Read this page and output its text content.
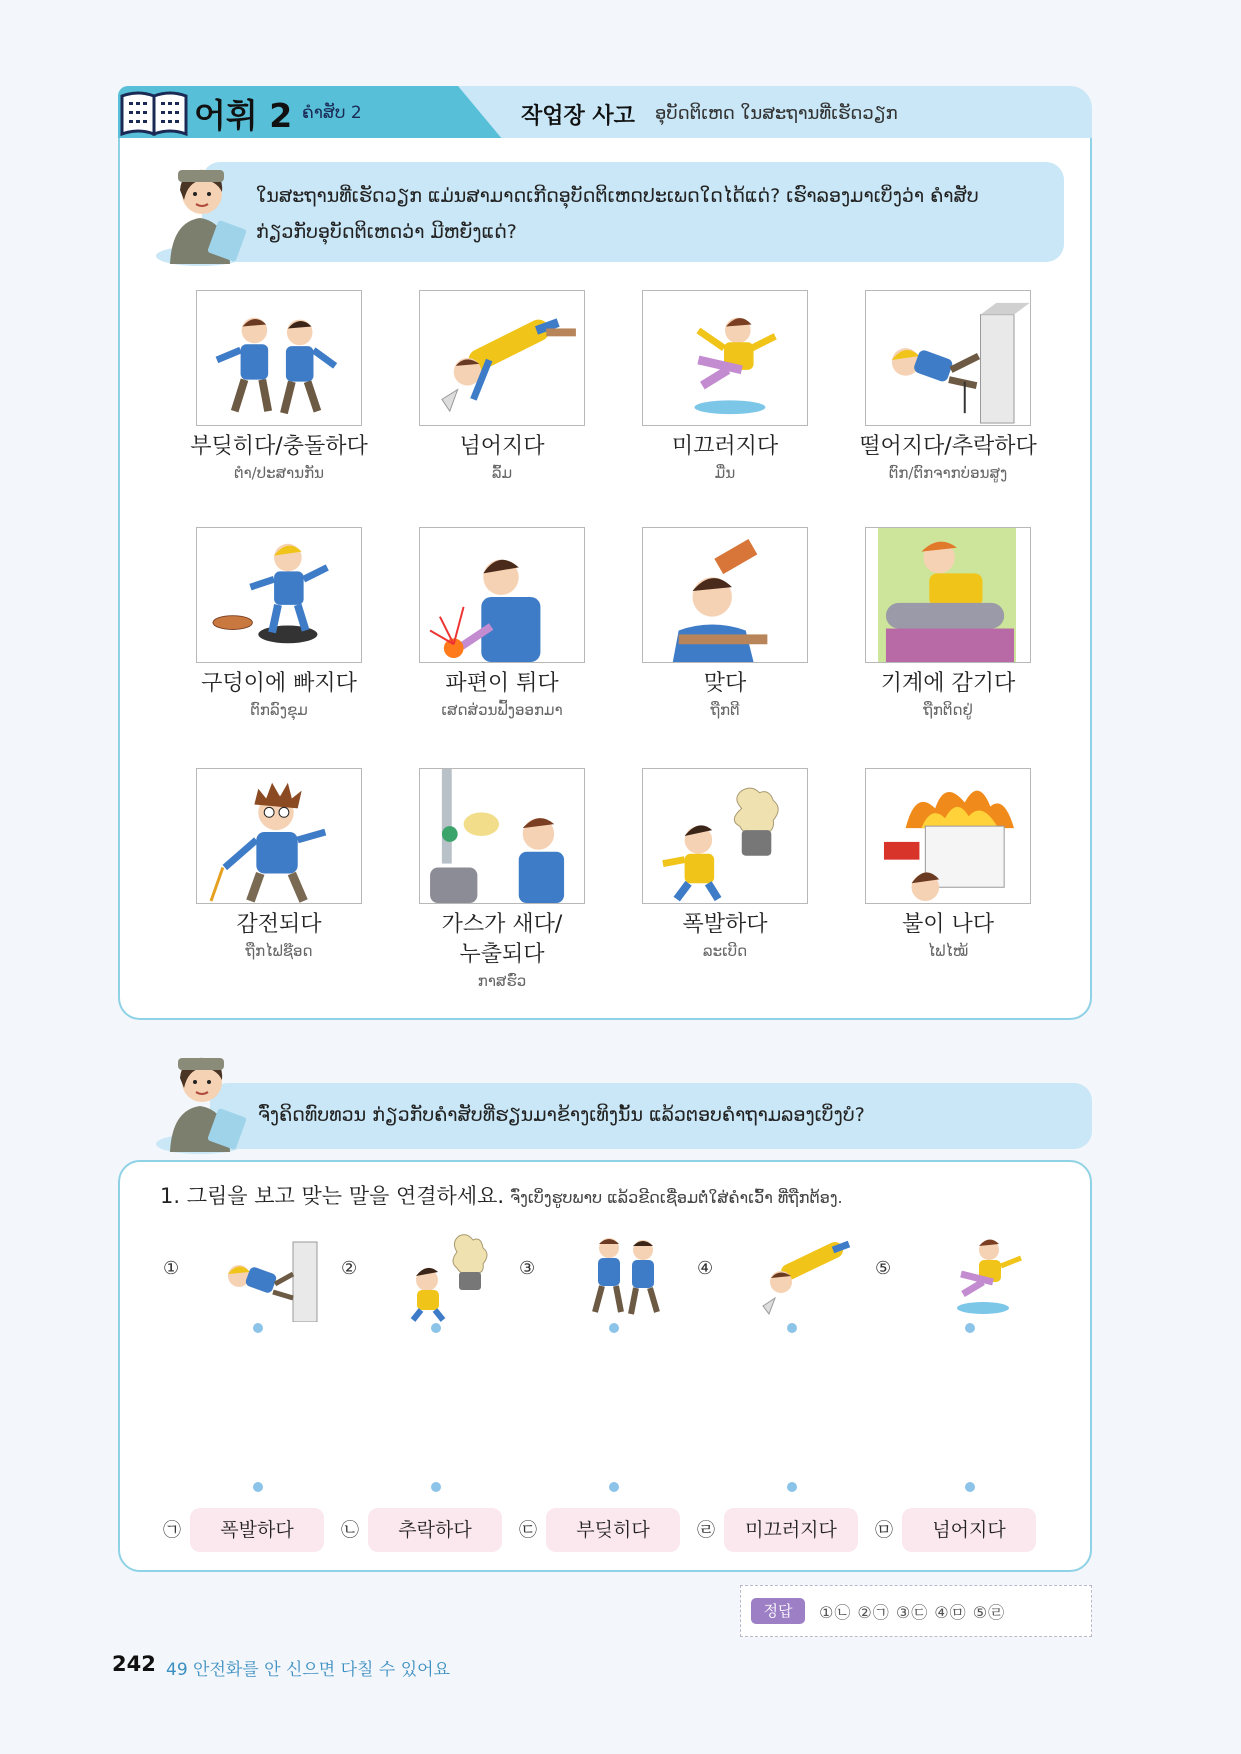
어휘 2 ຄຳສັບ 2	작업장 사고 ອຸບັດຕິເຫດ ໃນສະຖານທີ່ເຮັດວຽກ
ໃນສະຖານທີ່ເຮັດວຽກ ແມ່ນສາມາດເກີດອຸບັດຕິເຫດປະເພດໃດໄດ້ແດ່? ເຮົາລອງມາເບິ່ງວ່າ ຄຳສັບ
ກ່ຽວກັບອຸບັດຕິເຫດວ່າ ມີຫຍັງແດ່?
부딪히다/충돌하다
ຕຳ/ປະສານກັນ
넘어지다
ລົ້ມ
미끄러지다
ມື່ນ
떨어지다/추락하다
ຕົກ/ຕົກຈາກບ່ອນສູງ
구덩이에 빠지다
ຕົກລົງຂຸມ
파편이 튀다
ເສດສ່ວນຟົ້ງອອກມາ
맞다
ຖືກຕີ
기계에 감기다
ຖືກຕິດຢູ່
감전되다
ຖືກໄຟຊ໊ອດ
가스가 새다/
누출되다
ກາສຮົ່ວ
폭발하다
ລະເບີດ
불이 나다
ໄຟໄໝ້
ຈົ່ງຄິດທົບທວນ ກ່ຽວກັບຄຳສັບທີ່ຮຽນມາຂ້າງເທິງນັ້ນ ແລ້ວຕອບຄຳຖາມລອງເບິ່ງບໍ?
1. 그림을 보고 맞는 말을 연결하세요. ຈົ່ງເບິ່ງຮູບພາບ ແລ້ວຂີດເຊື່ອມຕໍ່ໃສ່ຄຳເວົ້າ ທີ່ຖືກຕ້ອງ.
①	②	③	④	⑤
㉠	폭발하다	㉡	추락하다	㉢	부딪히다	㉣	미끄러지다	㉤	넘어지다
정답	①㉡ ②㉠ ③㉢ ④㉤ ⑤㉣
242 49 안전화를 안 신으면 다칠 수 있어요
